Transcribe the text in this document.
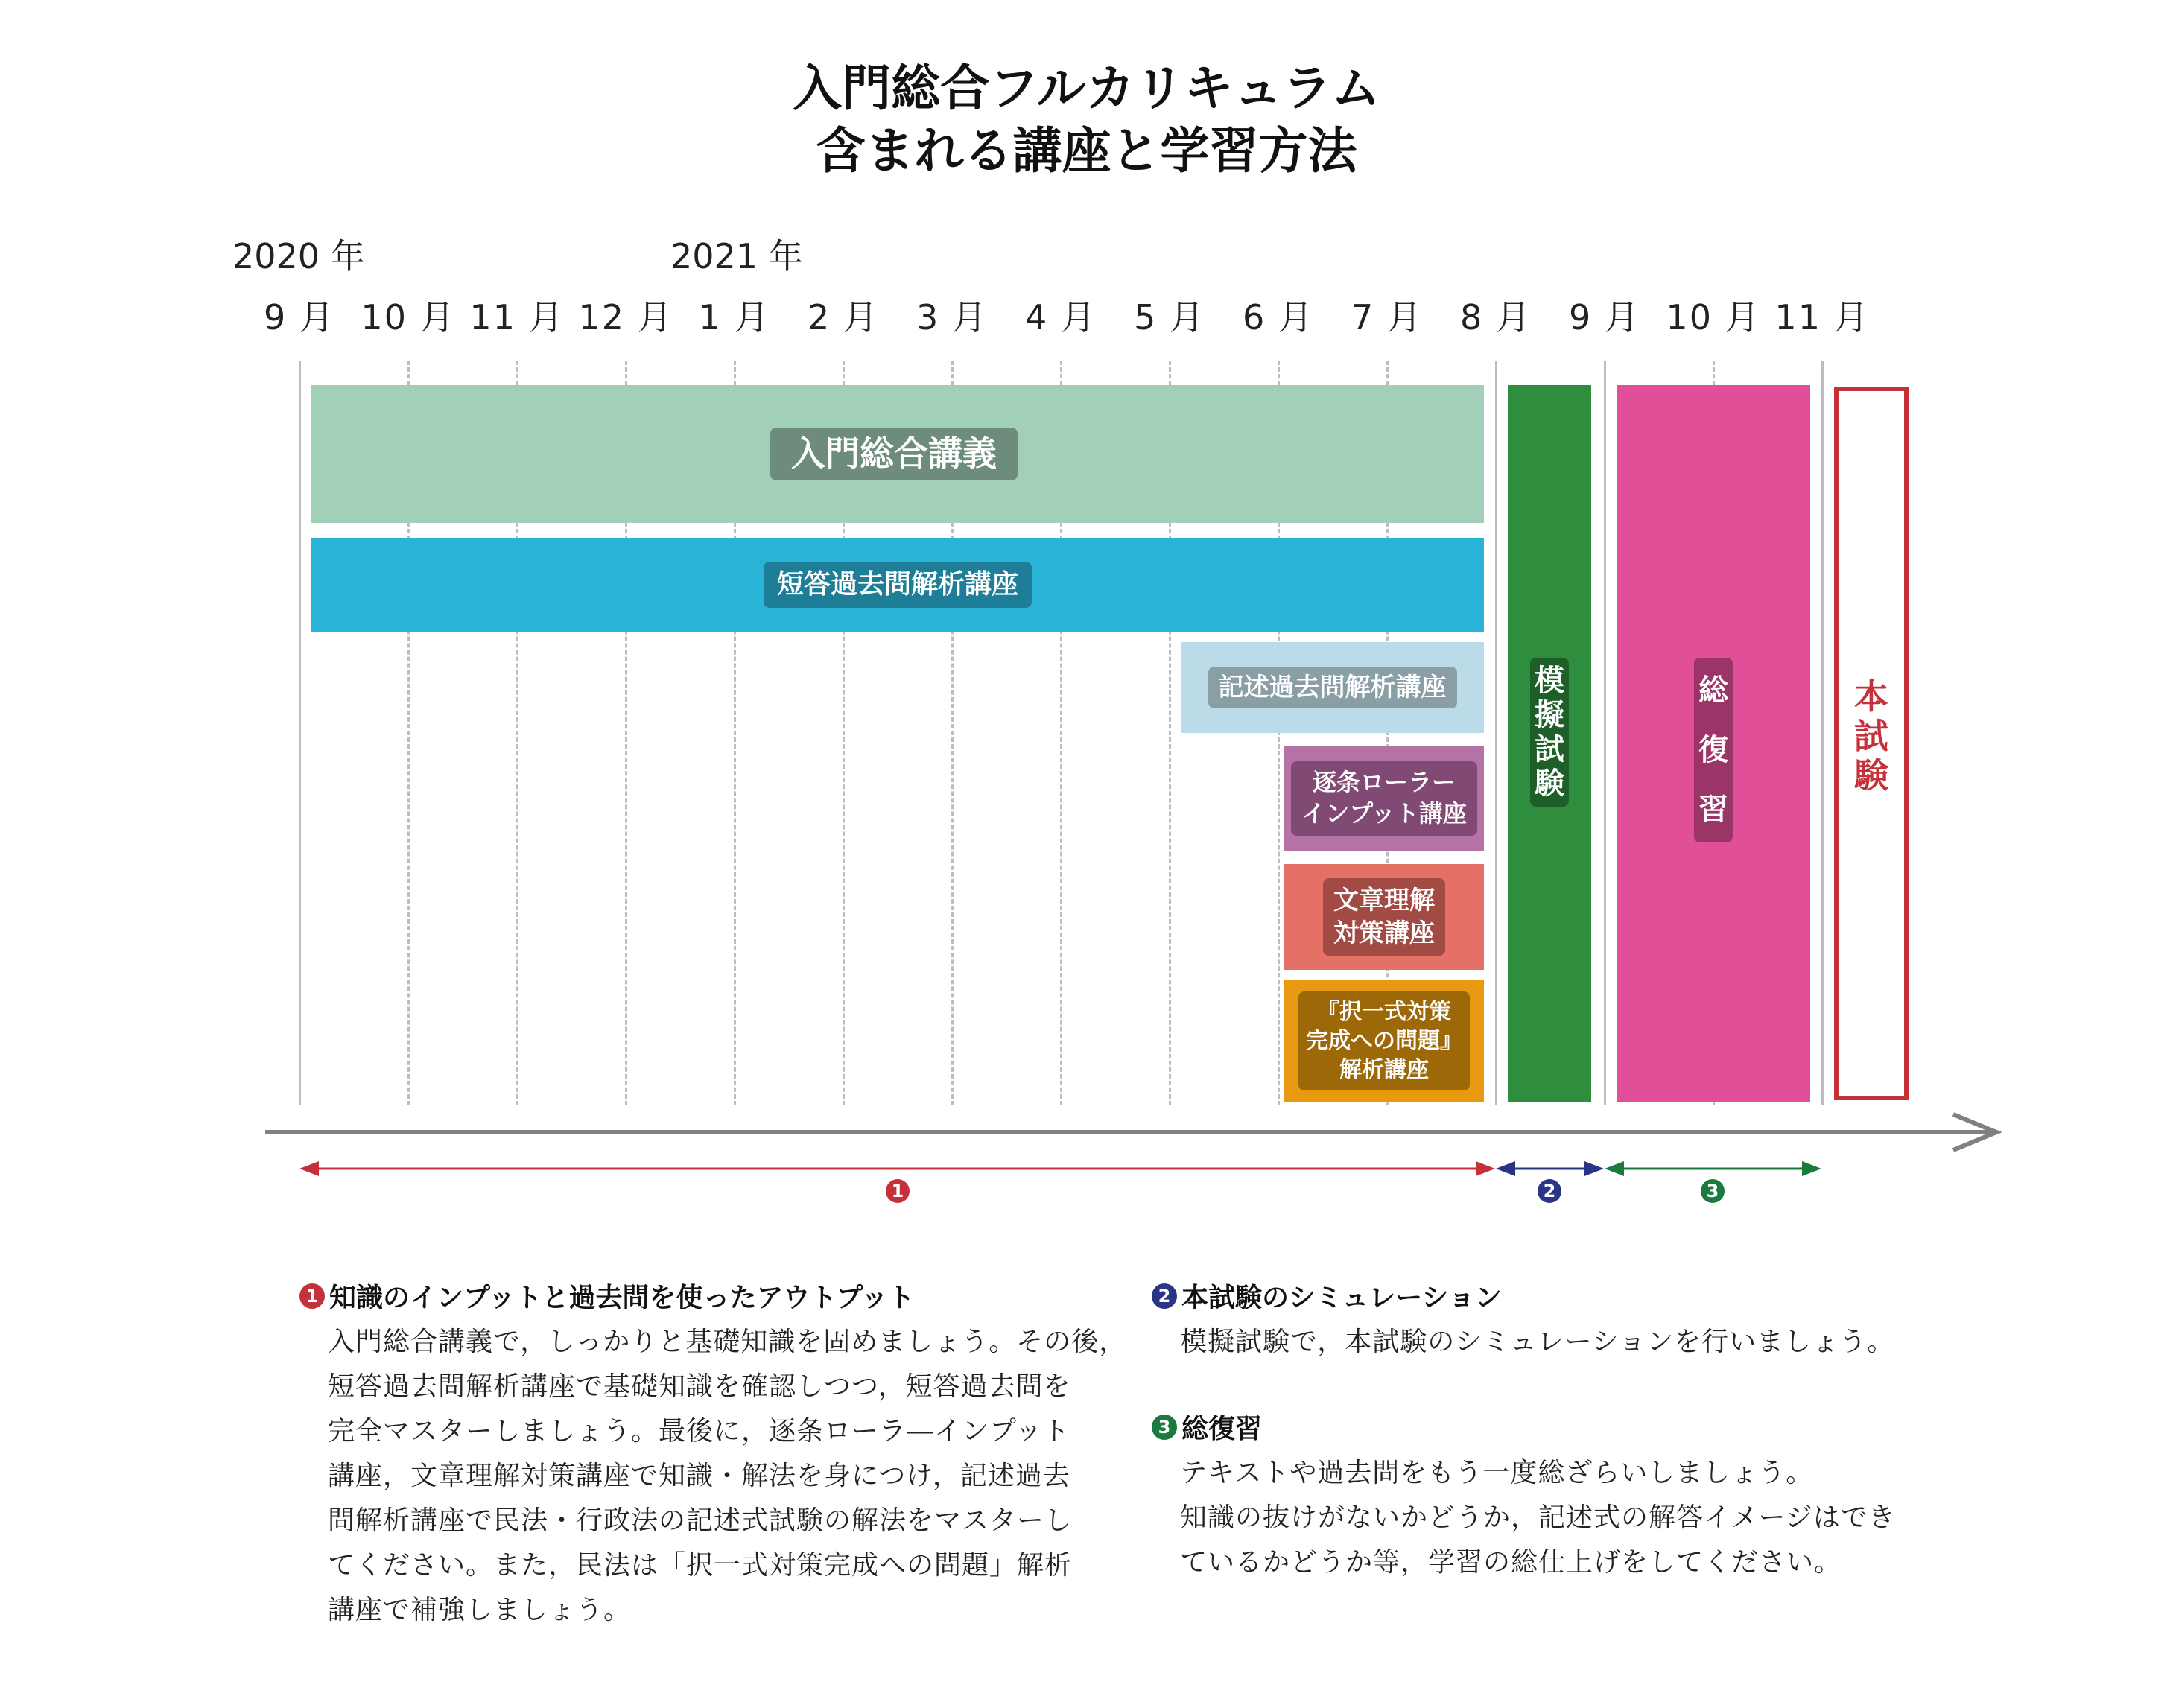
入門総合フルカリキュラム
含まれる講座と学習方法
2020 年	2021 年
9 月 10 月 11 月 12 月 1 月	2 月	3 月	4 月	5 月	6 月	7 月	8 月	9 月 10 月 11 月
入門総合講義
短答過去問解析講座
記述過去問解析講座
逐条ローラー
インプット講座
文章理解
対策講座
『択一式対策
完成への問題』
解析講座
模擬試験
総復習
本試験
1	2	3
1 知識のインプットと過去問を使ったアウトプット
入門総合講義で，しっかりと基礎知識を固めましょう。その後，
短答過去問解析講座で基礎知識を確認しつつ，短答過去問を
完全マスターしましょう。最後に，逐条ローラ―インプット
講座，文章理解対策講座で知識・解法を身につけ，記述過去
問解析講座で民法・行政法の記述式試験の解法をマスターし
てください。また，民法は「択一式対策完成への問題」解析
講座で補強しましょう。
2 本試験のシミュレーション
模擬試験で，本試験のシミュレーションを行いましょう。
3 総復習
テキストや過去問をもう一度総ざらいしましょう。
知識の抜けがないかどうか，記述式の解答イメージはでき
ているかどうか等，学習の総仕上げをしてください。
